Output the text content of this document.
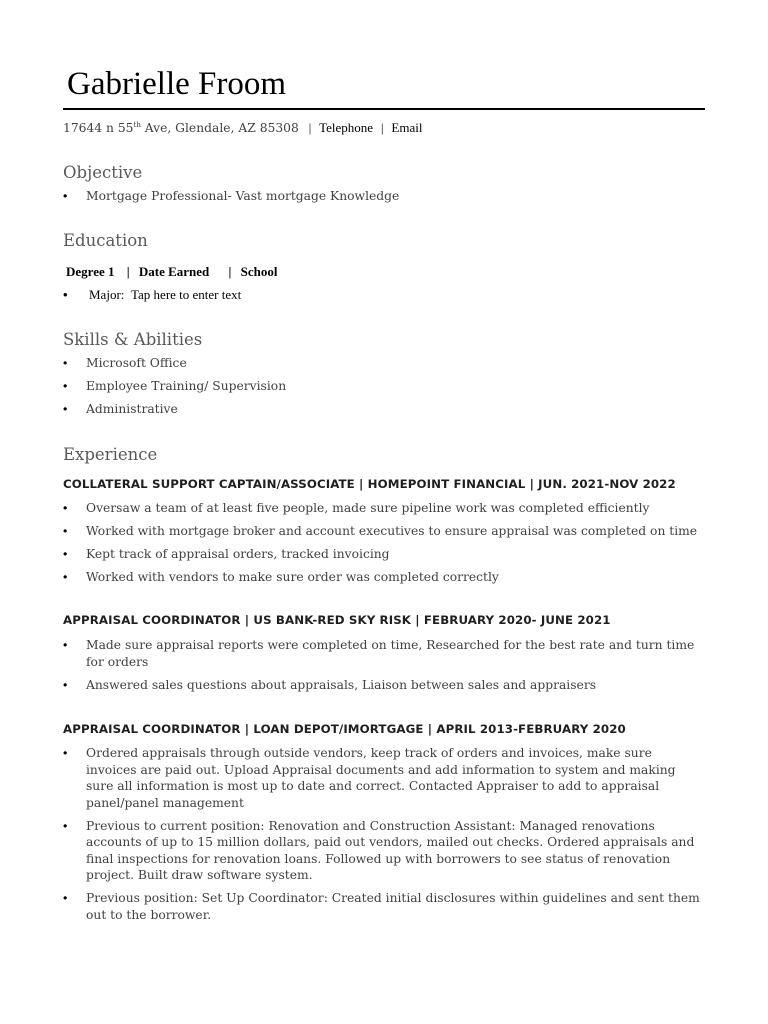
Gabrielle Froom
17644 n 55th Ave, Glendale, AZ 85308 | Telephone | Email
Objective
• Mortgage Professional- Vast mortgage Knowledge
Education
Degree 1 | Date Earned | School
• Major: Tap here to enter text
Skills & Abilities
• Microsoft Office
• Employee Training/ Supervision
• Administrative
Experience
COLLATERAL SUPPORT CAPTAIN/ASSOCIATE | HOMEPOINT FINANCIAL | JUN. 2021-NOV 2022
• Oversaw a team of at least five people, made sure pipeline work was completed efficiently
• Worked with mortgage broker and account executives to ensure appraisal was completed on time
• Kept track of appraisal orders, tracked invoicing
• Worked with vendors to make sure order was completed correctly
APPRAISAL COORDINATOR | US BANK-RED SKY RISK | FEBRUARY 2020- JUNE 2021
• Made sure appraisal reports were completed on time, Researched for the best rate and turn time for orders
• Answered sales questions about appraisals, Liaison between sales and appraisers
APPRAISAL COORDINATOR | LOAN DEPOT/IMORTGAGE | APRIL 2013-FEBRUARY 2020
• Ordered appraisals through outside vendors, keep track of orders and invoices, make sure invoices are paid out. Upload Appraisal documents and add information to system and making sure all information is most up to date and correct. Contacted Appraiser to add to appraisal panel/panel management
• Previous to current position: Renovation and Construction Assistant: Managed renovations accounts of up to 15 million dollars, paid out vendors, mailed out checks. Ordered appraisals and final inspections for renovation loans. Followed up with borrowers to see status of renovation project. Built draw software system.
• Previous position: Set Up Coordinator: Created initial disclosures within guidelines and sent them out to the borrower.
